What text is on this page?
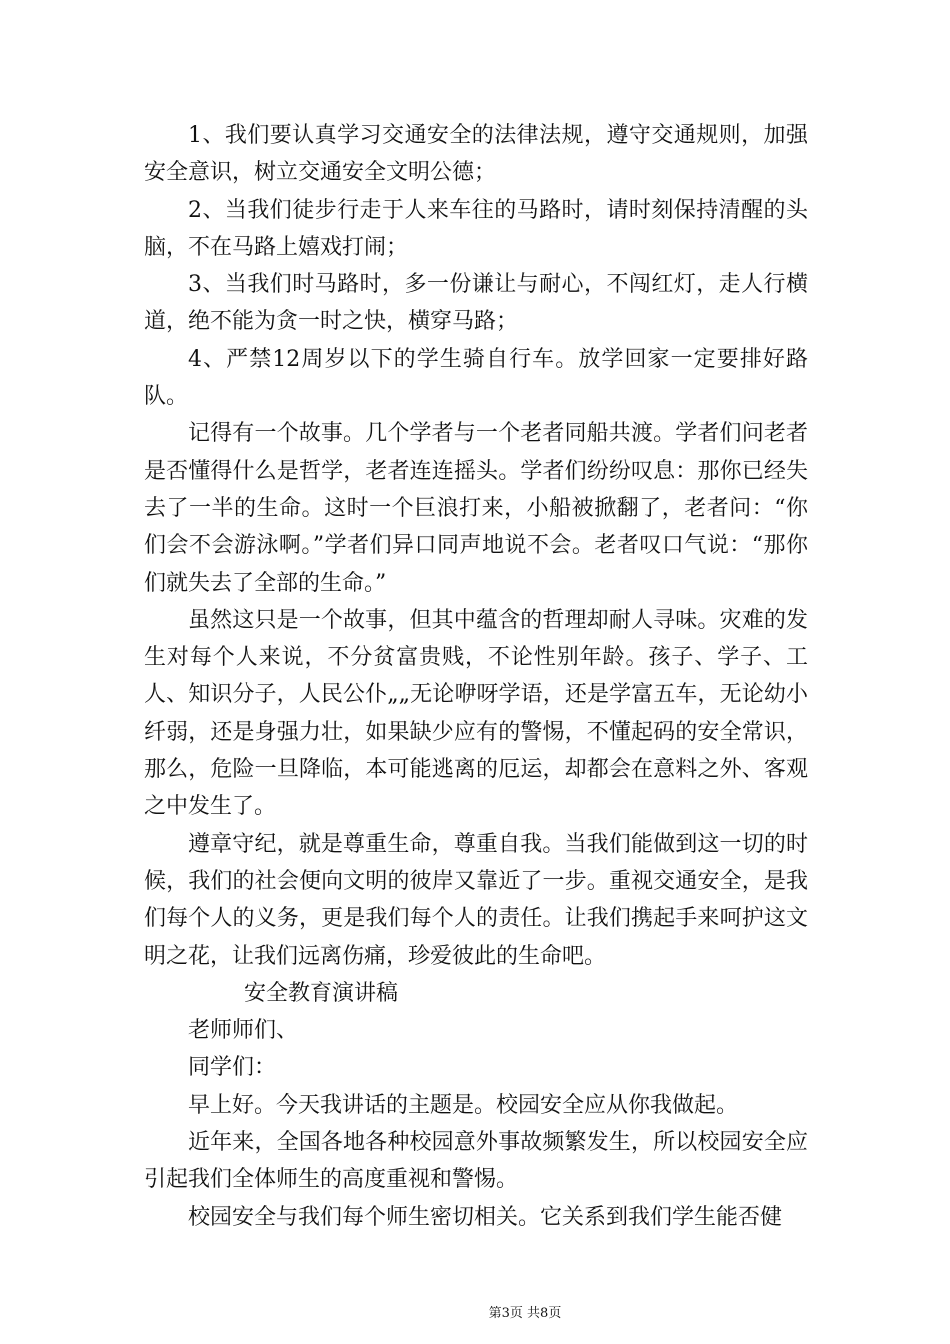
1、我们要认真学习交通安全的法律法规，遵守交通规则，加强安全意识，树立交通安全文明公德；

2、当我们徒步行走于人来车往的马路时，请时刻保持清醒的头脑，不在马路上嬉戏打闹；

3、当我们时马路时，多一份谦让与耐心，不闯红灯，走人行横道，绝不能为贪一时之快，横穿马路；

4、严禁12周岁以下的学生骑自行车。放学回家一定要排好路队。

记得有一个故事。几个学者与一个老者同船共渡。学者们问老者是否懂得什么是哲学，老者连连摇头。学者们纷纷叹息：那你已经失去了一半的生命。这时一个巨浪打来，小船被掀翻了，老者问：“你们会不会游泳啊。”学者们异口同声地说不会。老者叹口气说：“那你们就失去了全部的生命。”

虽然这只是一个故事，但其中蕴含的哲理却耐人寻味。灾难的发生对每个人来说，不分贫富贵贱，不论性别年龄。孩子、学子、工人、知识分子，人民公仆„„无论咿呀学语，还是学富五车，无论幼小纤弱，还是身强力壮，如果缺少应有的警惕，不懂起码的安全常识，那么，危险一旦降临，本可能逃离的厄运，却都会在意料之外、客观之中发生了。

遵章守纪，就是尊重生命，尊重自我。当我们能做到这一切的时候，我们的社会便向文明的彼岸又靠近了一步。重视交通安全，是我们每个人的义务，更是我们每个人的责任。让我们携起手来呵护这文明之花，让我们远离伤痛，珍爱彼此的生命吧。

安全教育演讲稿

老师师们、

同学们：

早上好。今天我讲话的主题是。校园安全应从你我做起。

近年来，全国各地各种校园意外事故频繁发生，所以校园安全应引起我们全体师生的高度重视和警惕。

校园安全与我们每个师生密切相关。它关系到我们学生能否健

第3页 共8页
